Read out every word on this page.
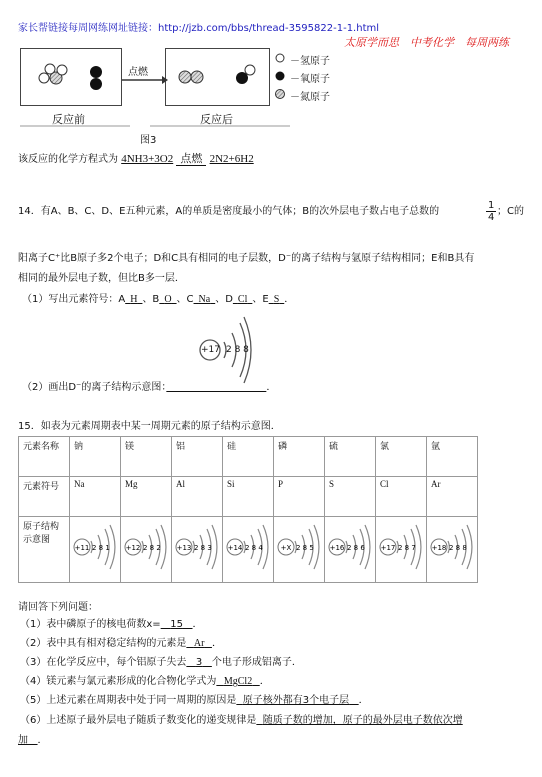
家长帮链接每周网练网址链接：http://jzb.com/bbs/thread-3595822-1-1.html
太原学而思　中考化学　每周两练
点燃
－氢原子
－氧原子
－氮原子
反应前	反应后
图3
该反应的化学方程式为 4NH3+3O2 点燃 2N2+6H2
14．有A、B、C、D、E五种元素，A的单质是密度最小的气体；B的次外层电子数占电子总数的	$\frac{1}{4}$ ；C的
阳离子C⁺比B原子多2个电子；D和C具有相同的电子层数，D⁻的离子结构与氩原子结构相同；E和B具有
相同的最外层电子数，但比B多一层．
（1）写出元素符号：A H 、B O 、C Na 、D Cl 、E S ．
+17 2 8 8
（2）画出D⁻的离子结构示意图：　　　　　　　　　　	．
15．如表为元素周期表中某一周期元素的原子结构示意图．
元素名称	钠	镁	铝	硅	磷	硫	氯	氩
元素符号	Na	Mg	Al	Si	P	S	Cl	Ar
原子结构示意图	+11 2 8 1	+12 2 8 2	+13 2 8 3	+14 2 8 4	+X 2 8 5	+16 2 8 6	+17 2 8 7	+18 2 8 8
请回答下列问题：
（1）表中磷原子的核电荷数x= 15 ．
（2）表中具有相对稳定结构的元素是 Ar ．
（3）在化学反应中，每个铝原子失去 3 个电子形成铝离子．
（4）镁元素与氯元素形成的化合物化学式为 MgCl2 ．
（5）上述元素在周期表中处于同一周期的原因是 原子核外都有3个电子层 ．
（6）上述原子最外层电子随质子数变化的递变规律是 随质子数的增加，原子的最外层电子数依次增
加 ．
